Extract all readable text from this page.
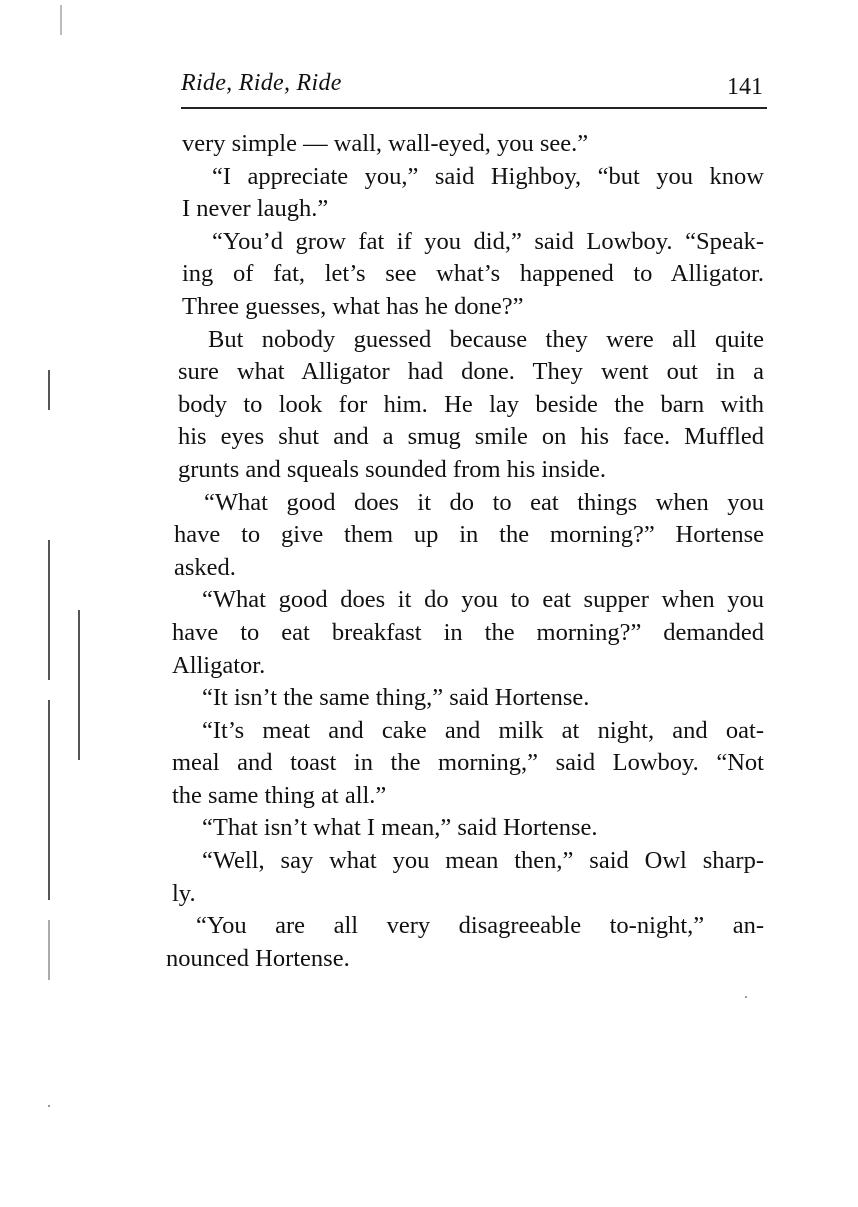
Ride, Ride, Ride	141

very simple — wall, wall-eyed, you see.”

“I appreciate you,” said Highboy, “but you know
I never laugh.”

“You’d grow fat if you did,” said Lowboy. “Speak-
ing of fat, let’s see what’s happened to Alligator.
Three guesses, what has he done?”

But nobody guessed because they were all quite
sure what Alligator had done. They went out in a
body to look for him. He lay beside the barn with
his eyes shut and a smug smile on his face. Muffled
grunts and squeals sounded from his inside.

“What good does it do to eat things when you
have to give them up in the morning?” Hortense
asked.

“What good does it do you to eat supper when you
have to eat breakfast in the morning?” demanded
Alligator.

“It isn’t the same thing,” said Hortense.

“It’s meat and cake and milk at night, and oat-
meal and toast in the morning,” said Lowboy. “Not
the same thing at all.”

“That isn’t what I mean,” said Hortense.

“Well, say what you mean then,” said Owl sharp-
ly.

“You are all very disagreeable to-night,” an-
nounced Hortense.
